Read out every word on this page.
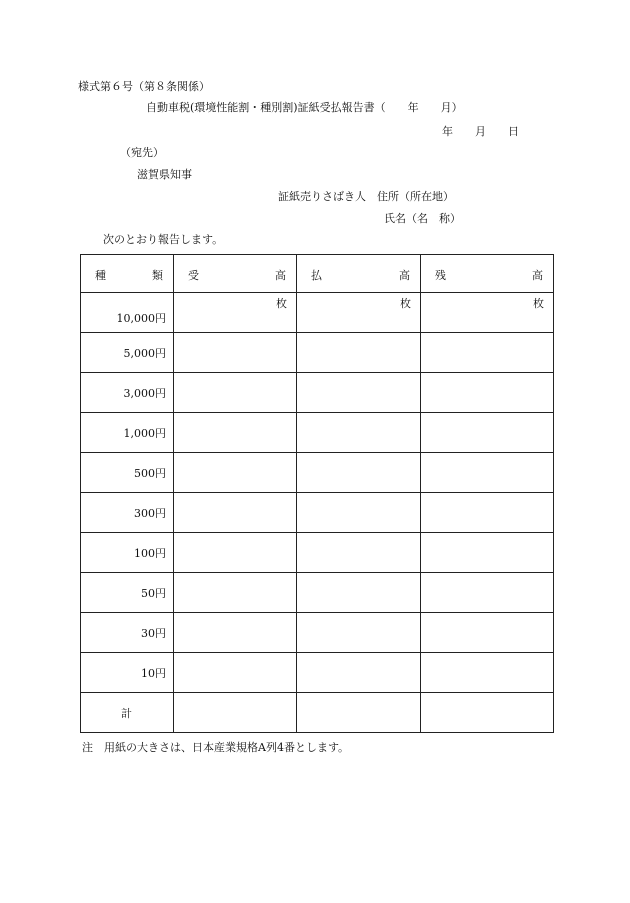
様式第６号（第８条関係）
自動車税(環境性能割・種別割)証紙受払報告書（　　年　　月）
年　　月　　日
（宛先）
滋賀県知事
証紙売りさばき人　住所（所在地）
氏名（名　称）
次のとおり報告します。
種 類	受 高	払 高	残 高

10,000円	枚	枚	枚

5,000円			
3,000円			
1,000円			
500円			
300円			
100円			
50円			
30円			
10円			
計			
注　用紙の大きさは、日本産業規格A列4番とします。
